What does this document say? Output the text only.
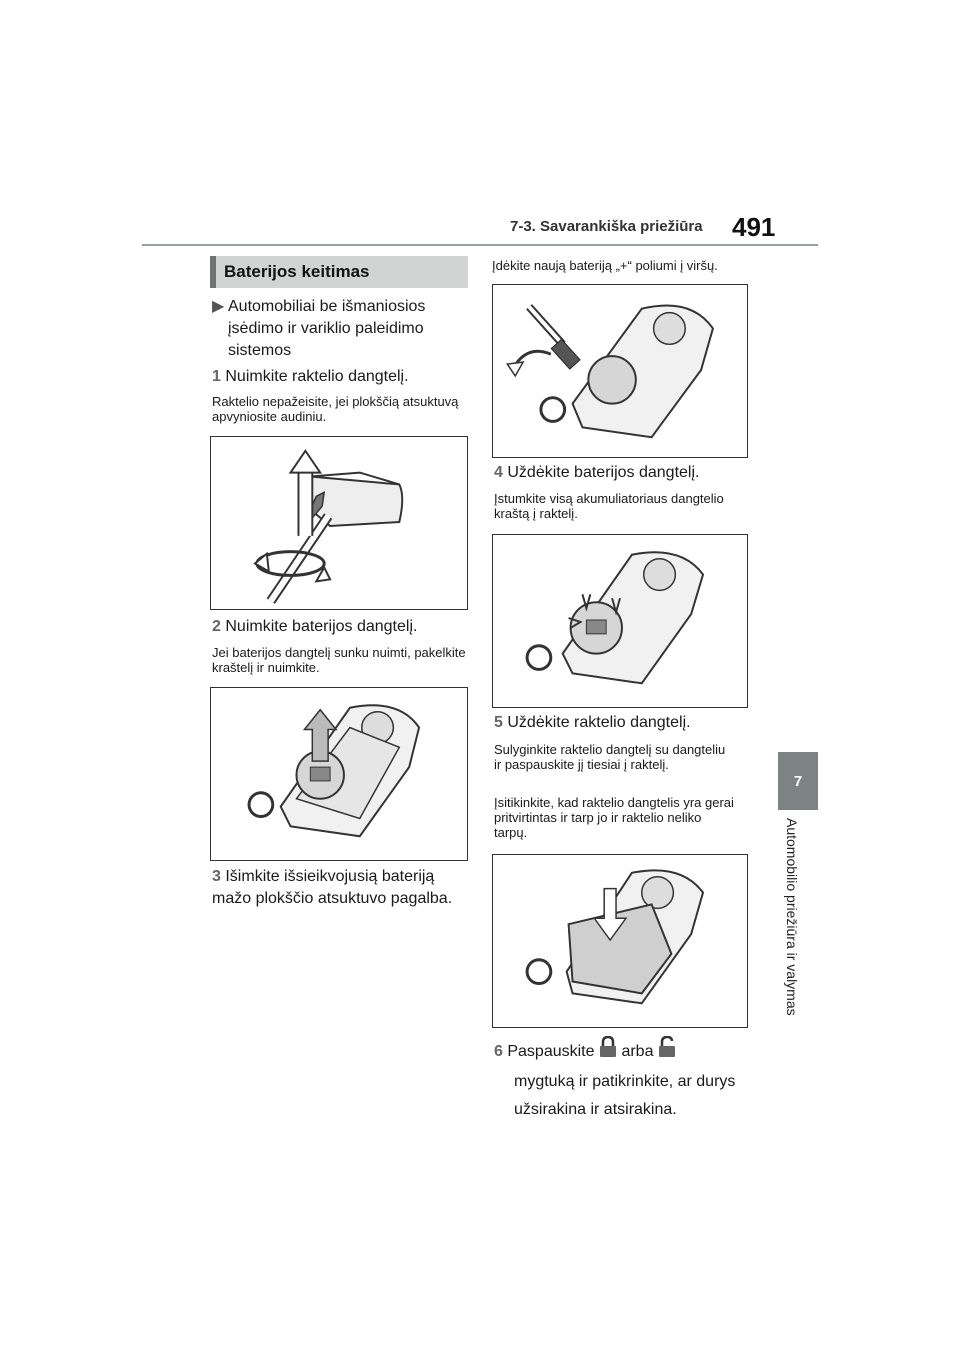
7-3. Savarankiška priežiūra 491
7
Automobilio priežiūra ir valymas
Baterijos keitimas
▶ Automobiliai be išmaniosios įsėdimo ir variklio paleidimo sistemos
1 Nuimkite raktelio dangtelį.
Raktelio nepažeisite, jei plokščią atsuktuvą apvyniosite audiniu.
2 Nuimkite baterijos dangtelį.
Jei baterijos dangtelį sunku nuimti, pakelkite kraštelį ir nuimkite.
3 Išimkite išsieikvojusią bateriją mažo plokščio atsuktuvo pagalba.
Įdėkite naują bateriją „+“ poliumi į viršų.
4 Uždėkite baterijos dangtelį.
Įstumkite visą akumuliatoriaus dangtelio kraštą į raktelį.
5 Uždėkite raktelio dangtelį.
Sulyginkite raktelio dangtelį su dangteliu ir paspauskite jį tiesiai į raktelį.
Įsitikinkite, kad raktelio dangtelis yra gerai pritvirtintas ir tarp jo ir raktelio neliko tarpų.
6 Paspauskite arba
mygtuką ir patikrinkite, ar durys užsirakina ir atsirakina.
